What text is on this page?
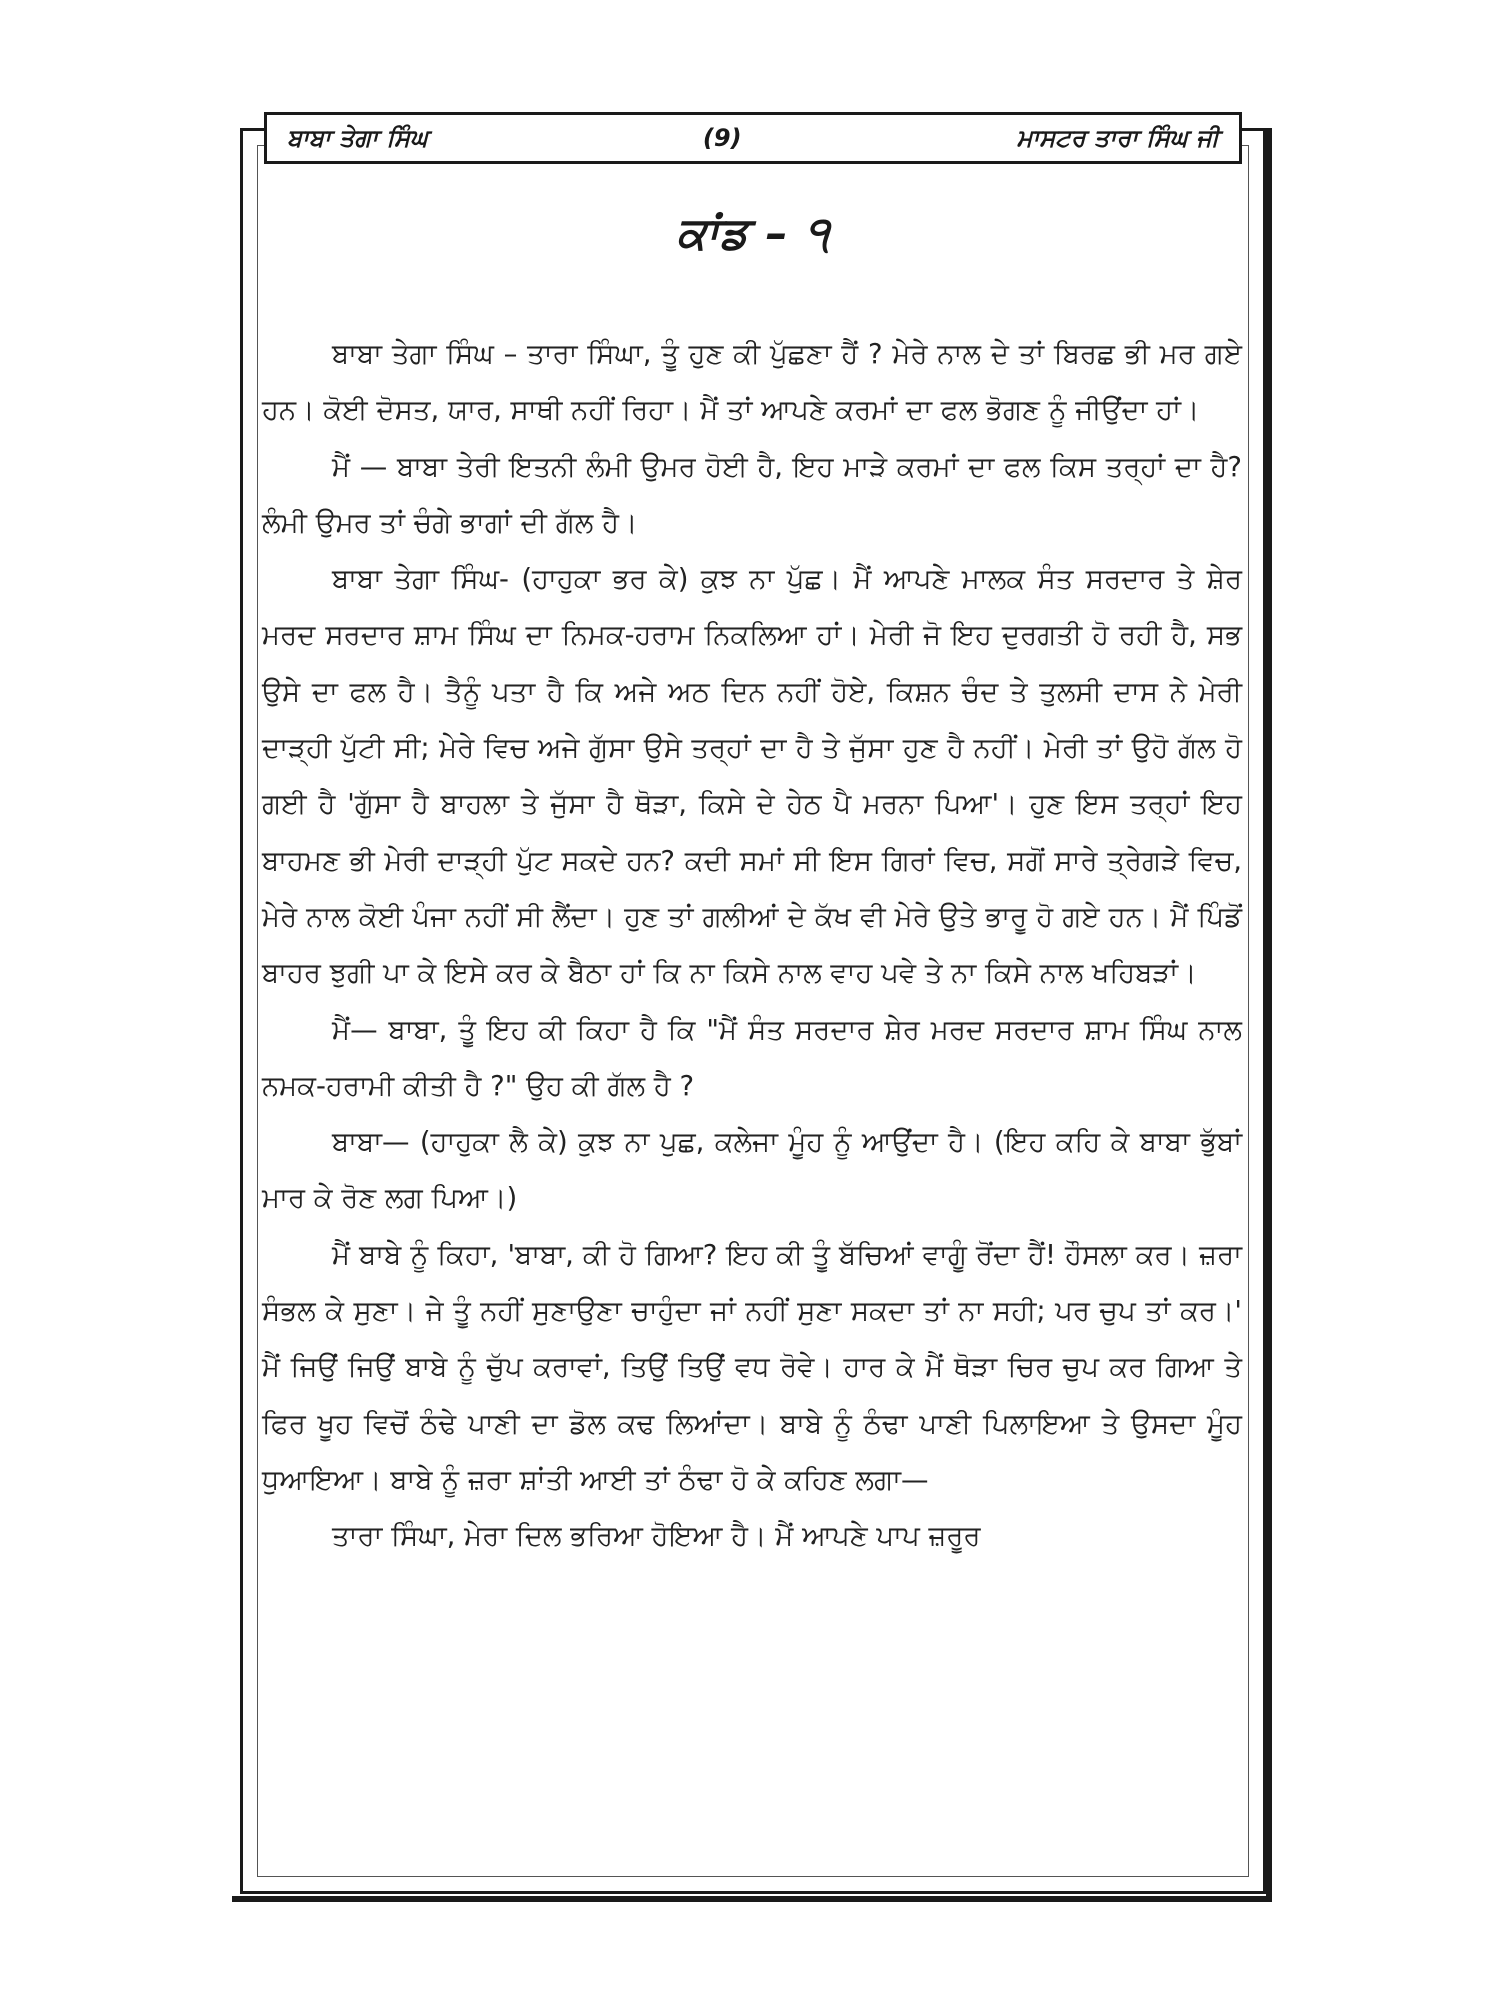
ਬਾਬਾ ਤੇਗਾ ਸਿੰਘ	(9)	ਮਾਸਟਰ ਤਾਰਾ ਸਿੰਘ ਜੀ
ਕਾਂਡ – ੧

ਬਾਬਾ ਤੇਗਾ ਸਿੰਘ – ਤਾਰਾ ਸਿੰਘਾ, ਤੂੰ ਹੁਣ ਕੀ ਪੁੱਛਣਾ ਹੈਂ ? ਮੇਰੇ ਨਾਲ ਦੇ ਤਾਂ ਬਿਰਛ ਭੀ ਮਰ ਗਏ ਹਨ। ਕੋਈ ਦੋਸਤ, ਯਾਰ, ਸਾਥੀ ਨਹੀਂ ਰਿਹਾ। ਮੈਂ ਤਾਂ ਆਪਣੇ ਕਰਮਾਂ ਦਾ ਫਲ ਭੋਗਣ ਨੂੰ ਜੀਉਂਦਾ ਹਾਂ।

ਮੈਂ — ਬਾਬਾ ਤੇਰੀ ਇਤਨੀ ਲੰਮੀ ਉਮਰ ਹੋਈ ਹੈ, ਇਹ ਮਾੜੇ ਕਰਮਾਂ ਦਾ ਫਲ ਕਿਸ ਤਰ੍ਹਾਂ ਦਾ ਹੈ? ਲੰਮੀ ਉਮਰ ਤਾਂ ਚੰਗੇ ਭਾਗਾਂ ਦੀ ਗੱਲ ਹੈ।

ਬਾਬਾ ਤੇਗਾ ਸਿੰਘ- (ਹਾਹੁਕਾ ਭਰ ਕੇ) ਕੁਝ ਨਾ ਪੁੱਛ। ਮੈਂ ਆਪਣੇ ਮਾਲਕ ਸੰਤ ਸਰਦਾਰ ਤੇ ਸ਼ੇਰ ਮਰਦ ਸਰਦਾਰ ਸ਼ਾਮ ਸਿੰਘ ਦਾ ਨਿਮਕ-ਹਰਾਮ ਨਿਕਲਿਆ ਹਾਂ। ਮੇਰੀ ਜੋ ਇਹ ਦੁਰਗਤੀ ਹੋ ਰਹੀ ਹੈ, ਸਭ ਉਸੇ ਦਾ ਫਲ ਹੈ। ਤੈਨੂੰ ਪਤਾ ਹੈ ਕਿ ਅਜੇ ਅਠ ਦਿਨ ਨਹੀਂ ਹੋਏ, ਕਿਸ਼ਨ ਚੰਦ ਤੇ ਤੁਲਸੀ ਦਾਸ ਨੇ ਮੇਰੀ ਦਾੜ੍ਹੀ ਪੁੱਟੀ ਸੀ; ਮੇਰੇ ਵਿਚ ਅਜੇ ਗੁੱਸਾ ਉਸੇ ਤਰ੍ਹਾਂ ਦਾ ਹੈ ਤੇ ਜੁੱਸਾ ਹੁਣ ਹੈ ਨਹੀਂ। ਮੇਰੀ ਤਾਂ ਉਹੋ ਗੱਲ ਹੋ ਗਈ ਹੈ 'ਗੁੱਸਾ ਹੈ ਬਾਹਲਾ ਤੇ ਜੁੱਸਾ ਹੈ ਥੋੜਾ, ਕਿਸੇ ਦੇ ਹੇਠ ਪੈ ਮਰਨਾ ਪਿਆ'। ਹੁਣ ਇਸ ਤਰ੍ਹਾਂ ਇਹ ਬਾਹਮਣ ਭੀ ਮੇਰੀ ਦਾੜ੍ਹੀ ਪੁੱਟ ਸਕਦੇ ਹਨ? ਕਦੀ ਸਮਾਂ ਸੀ ਇਸ ਗਿਰਾਂ ਵਿਚ, ਸਗੋਂ ਸਾਰੇ ਤ੍ਰੇਗੜੇ ਵਿਚ, ਮੇਰੇ ਨਾਲ ਕੋਈ ਪੰਜਾ ਨਹੀਂ ਸੀ ਲੈਂਦਾ। ਹੁਣ ਤਾਂ ਗਲੀਆਂ ਦੇ ਕੱਖ ਵੀ ਮੇਰੇ ਉਤੇ ਭਾਰੂ ਹੋ ਗਏ ਹਨ। ਮੈਂ ਪਿੰਡੋਂ ਬਾਹਰ ਝੁਗੀ ਪਾ ਕੇ ਇਸੇ ਕਰ ਕੇ ਬੈਠਾ ਹਾਂ ਕਿ ਨਾ ਕਿਸੇ ਨਾਲ ਵਾਹ ਪਵੇ ਤੇ ਨਾ ਕਿਸੇ ਨਾਲ ਖਹਿਬੜਾਂ।

ਮੈਂ— ਬਾਬਾ, ਤੂੰ ਇਹ ਕੀ ਕਿਹਾ ਹੈ ਕਿ "ਮੈਂ ਸੰਤ ਸਰਦਾਰ ਸ਼ੇਰ ਮਰਦ ਸਰਦਾਰ ਸ਼ਾਮ ਸਿੰਘ ਨਾਲ ਨਮਕ-ਹਰਾਮੀ ਕੀਤੀ ਹੈ ?" ਉਹ ਕੀ ਗੱਲ ਹੈ ?

ਬਾਬਾ— (ਹਾਹੁਕਾ ਲੈ ਕੇ) ਕੁਝ ਨਾ ਪੁਛ, ਕਲੇਜਾ ਮੂੰਹ ਨੂੰ ਆਉਂਦਾ ਹੈ। (ਇਹ ਕਹਿ ਕੇ ਬਾਬਾ ਭੁੱਬਾਂ ਮਾਰ ਕੇ ਰੋਣ ਲਗ ਪਿਆ।)

ਮੈਂ ਬਾਬੇ ਨੂੰ ਕਿਹਾ, 'ਬਾਬਾ, ਕੀ ਹੋ ਗਿਆ? ਇਹ ਕੀ ਤੂੰ ਬੱਚਿਆਂ ਵਾਗੂੰ ਰੋਂਦਾ ਹੈਂ! ਹੌਸਲਾ ਕਰ। ਜ਼ਰਾ ਸੰਭਲ ਕੇ ਸੁਣਾ। ਜੇ ਤੂੰ ਨਹੀਂ ਸੁਣਾਉਣਾ ਚਾਹੁੰਦਾ ਜਾਂ ਨਹੀਂ ਸੁਣਾ ਸਕਦਾ ਤਾਂ ਨਾ ਸਹੀ; ਪਰ ਚੁਪ ਤਾਂ ਕਰ।' ਮੈਂ ਜਿਉਂ ਜਿਉਂ ਬਾਬੇ ਨੂੰ ਚੁੱਪ ਕਰਾਵਾਂ, ਤਿਉਂ ਤਿਉਂ ਵਧ ਰੋਵੇ। ਹਾਰ ਕੇ ਮੈਂ ਥੋੜਾ ਚਿਰ ਚੁਪ ਕਰ ਗਿਆ ਤੇ ਫਿਰ ਖੂਹ ਵਿਚੋਂ ਠੰਢੇ ਪਾਣੀ ਦਾ ਡੋਲ ਕਢ ਲਿਆਂਦਾ। ਬਾਬੇ ਨੂੰ ਠੰਢਾ ਪਾਣੀ ਪਿਲਾਇਆ ਤੇ ਉਸਦਾ ਮੂੰਹ ਧੁਆਇਆ। ਬਾਬੇ ਨੂੰ ਜ਼ਰਾ ਸ਼ਾਂਤੀ ਆਈ ਤਾਂ ਠੰਢਾ ਹੋ ਕੇ ਕਹਿਣ ਲਗਾ—

ਤਾਰਾ ਸਿੰਘਾ, ਮੇਰਾ ਦਿਲ ਭਰਿਆ ਹੋਇਆ ਹੈ। ਮੈਂ ਆਪਣੇ ਪਾਪ ਜ਼ਰੂਰ
